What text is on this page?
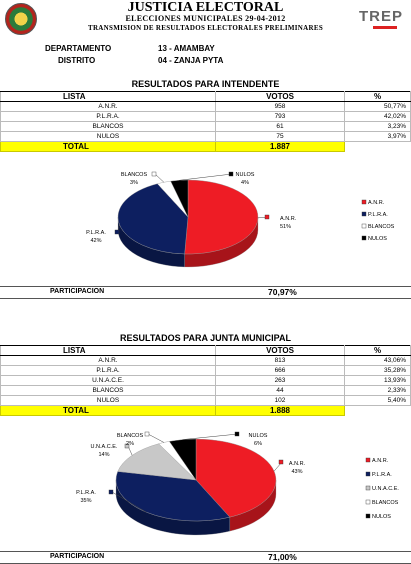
JUSTICIA ELECTORAL
ELECCIONES MUNICIPALES 29-04-2012
TRANSMISION DE RESULTADOS ELECTORALES PRELIMINARES
TREP
DEPARTAMENTO	13 - AMAMBAY
DISTRITO	04 - ZANJA PYTA
RESULTADOS PARA INTENDENTE
LISTA	VOTOS	%
A.N.R.	958	50,77%
P.L.R.A.	793	42,02%
BLANCOS	61	3,23%
NULOS	75	3,97%
TOTAL	1.887	
A.N.R.
51%
P.L.R.A.
42%
BLANCOS
3%
NULOS
4%
A.N.R.
P.L.R.A.
BLANCOS
NULOS
PARTICIPACION	70,97%
RESULTADOS PARA JUNTA MUNICIPAL
LISTA	VOTOS	%
A.N.R.	813	43,06%
P.L.R.A.	666	35,28%
U.N.A.C.E.	263	13,93%
BLANCOS	44	2,33%
NULOS	102	5,40%
TOTAL	1.888	
A.N.R.
43%
P.L.R.A.
35%
U.N.A.C.E.
14%
BLANCOS
2%
NULOS
6%
A.N.R.
P.L.R.A.
U.N.A.C.E.
BLANCOS
NULOS
PARTICIPACION	71,00%
